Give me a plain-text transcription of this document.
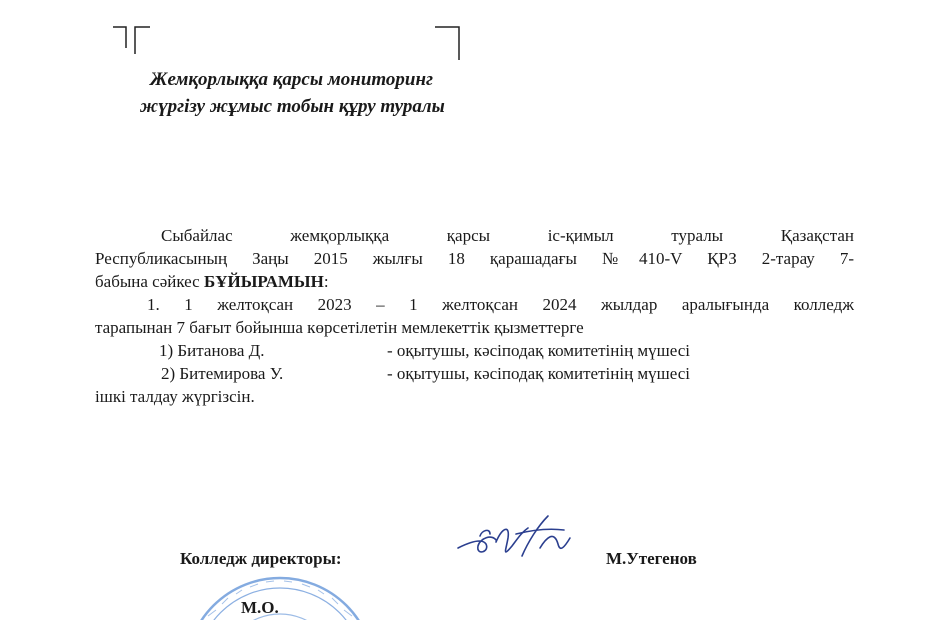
Жемқорлыққа қарсы мониторинг
жүргізу жұмыс тобын құру туралы
Сыбайлас жемқорлыққа қарсы іс-қимыл туралы Қазақстан
Республикасының Заңы 2015 жылғы 18 қарашадағы №410-V ҚРЗ 2-тарау 7-
бабына сәйкес БҰЙЫРАМЫН:
1. 1 желтоқсан 2023 – 1 желтоқсан 2024 жылдар аралығында колледж
тарапынан 7 бағыт бойынша көрсетілетін мемлекеттік қызметтерге
1) Битанова Д.	- оқытушы, кәсіподақ комитетінің мүшесі
2) Битемирова У.	- оқытушы, кәсіподақ комитетінің мүшесі
ішкі талдау жүргізсін.
Колледж директоры:	М.Утегенов
М.О.
